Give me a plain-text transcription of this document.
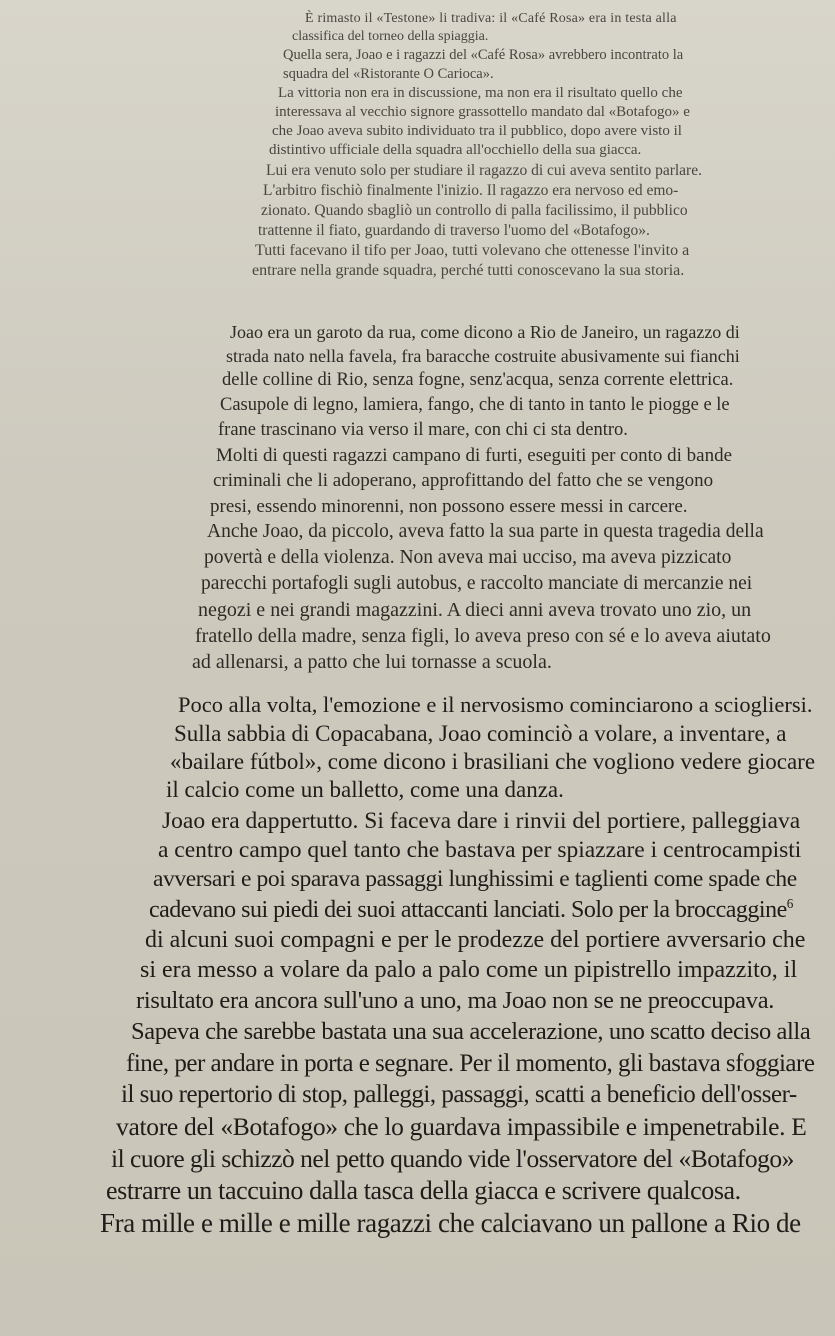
È rimasto il «Testone» li tradiva: il «Café Rosa» era in testa alla
classifica del torneo della spiaggia.
Quella sera, Joao e i ragazzi del «Café Rosa» avrebbero incontrato la
squadra del «Ristorante O Carioca».
La vittoria non era in discussione, ma non era il risultato quello che
interessava al vecchio signore grassottello mandato dal «Botafogo» e
che Joao aveva subito individuato tra il pubblico, dopo avere visto il
distintivo ufficiale della squadra all'occhiello della sua giacca.
Lui era venuto solo per studiare il ragazzo di cui aveva sentito parlare.
L'arbitro fischiò finalmente l'inizio. Il ragazzo era nervoso ed emo-
zionato. Quando sbagliò un controllo di palla facilissimo, il pubblico
trattenne il fiato, guardando di traverso l'uomo del «Botafogo».
Tutti facevano il tifo per Joao, tutti volevano che ottenesse l'invito a
entrare nella grande squadra, perché tutti conoscevano la sua storia.
Joao era un garoto da rua, come dicono a Rio de Janeiro, un ragazzo di
strada nato nella favela, fra baracche costruite abusivamente sui fianchi
delle colline di Rio, senza fogne, senz'acqua, senza corrente elettrica.
Casupole di legno, lamiera, fango, che di tanto in tanto le piogge e le
frane trascinano via verso il mare, con chi ci sta dentro.
Molti di questi ragazzi campano di furti, eseguiti per conto di bande
criminali che li adoperano, approfittando del fatto che se vengono
presi, essendo minorenni, non possono essere messi in carcere.
Anche Joao, da piccolo, aveva fatto la sua parte in questa tragedia della
povertà e della violenza. Non aveva mai ucciso, ma aveva pizzicato
parecchi portafogli sugli autobus, e raccolto manciate di mercanzie nei
negozi e nei grandi magazzini. A dieci anni aveva trovato uno zio, un
fratello della madre, senza figli, lo aveva preso con sé e lo aveva aiutato
ad allenarsi, a patto che lui tornasse a scuola.
Poco alla volta, l'emozione e il nervosismo cominciarono a sciogliersi.
Sulla sabbia di Copacabana, Joao cominciò a volare, a inventare, a
«bailare fútbol», come dicono i brasiliani che vogliono vedere giocare
il calcio come un balletto, come una danza.
Joao era dappertutto. Si faceva dare i rinvii del portiere, palleggiava
a centro campo quel tanto che bastava per spiazzare i centrocampisti
avversari e poi sparava passaggi lunghissimi e taglienti come spade che
cadevano sui piedi dei suoi attaccanti lanciati. Solo per la broccaggine$^6$
di alcuni suoi compagni e per le prodezze del portiere avversario che
si era messo a volare da palo a palo come un pipistrello impazzito, il
risultato era ancora sull'uno a uno, ma Joao non se ne preoccupava.
Sapeva che sarebbe bastata una sua accelerazione, uno scatto deciso alla
fine, per andare in porta e segnare. Per il momento, gli bastava sfoggiare
il suo repertorio di stop, palleggi, passaggi, scatti a beneficio dell'osser-
vatore del «Botafogo» che lo guardava impassibile e impenetrabile. E
il cuore gli schizzò nel petto quando vide l'osservatore del «Botafogo»
estrarre un taccuino dalla tasca della giacca e scrivere qualcosa.
Fra mille e mille e mille ragazzi che calciavano un pallone a Rio de
